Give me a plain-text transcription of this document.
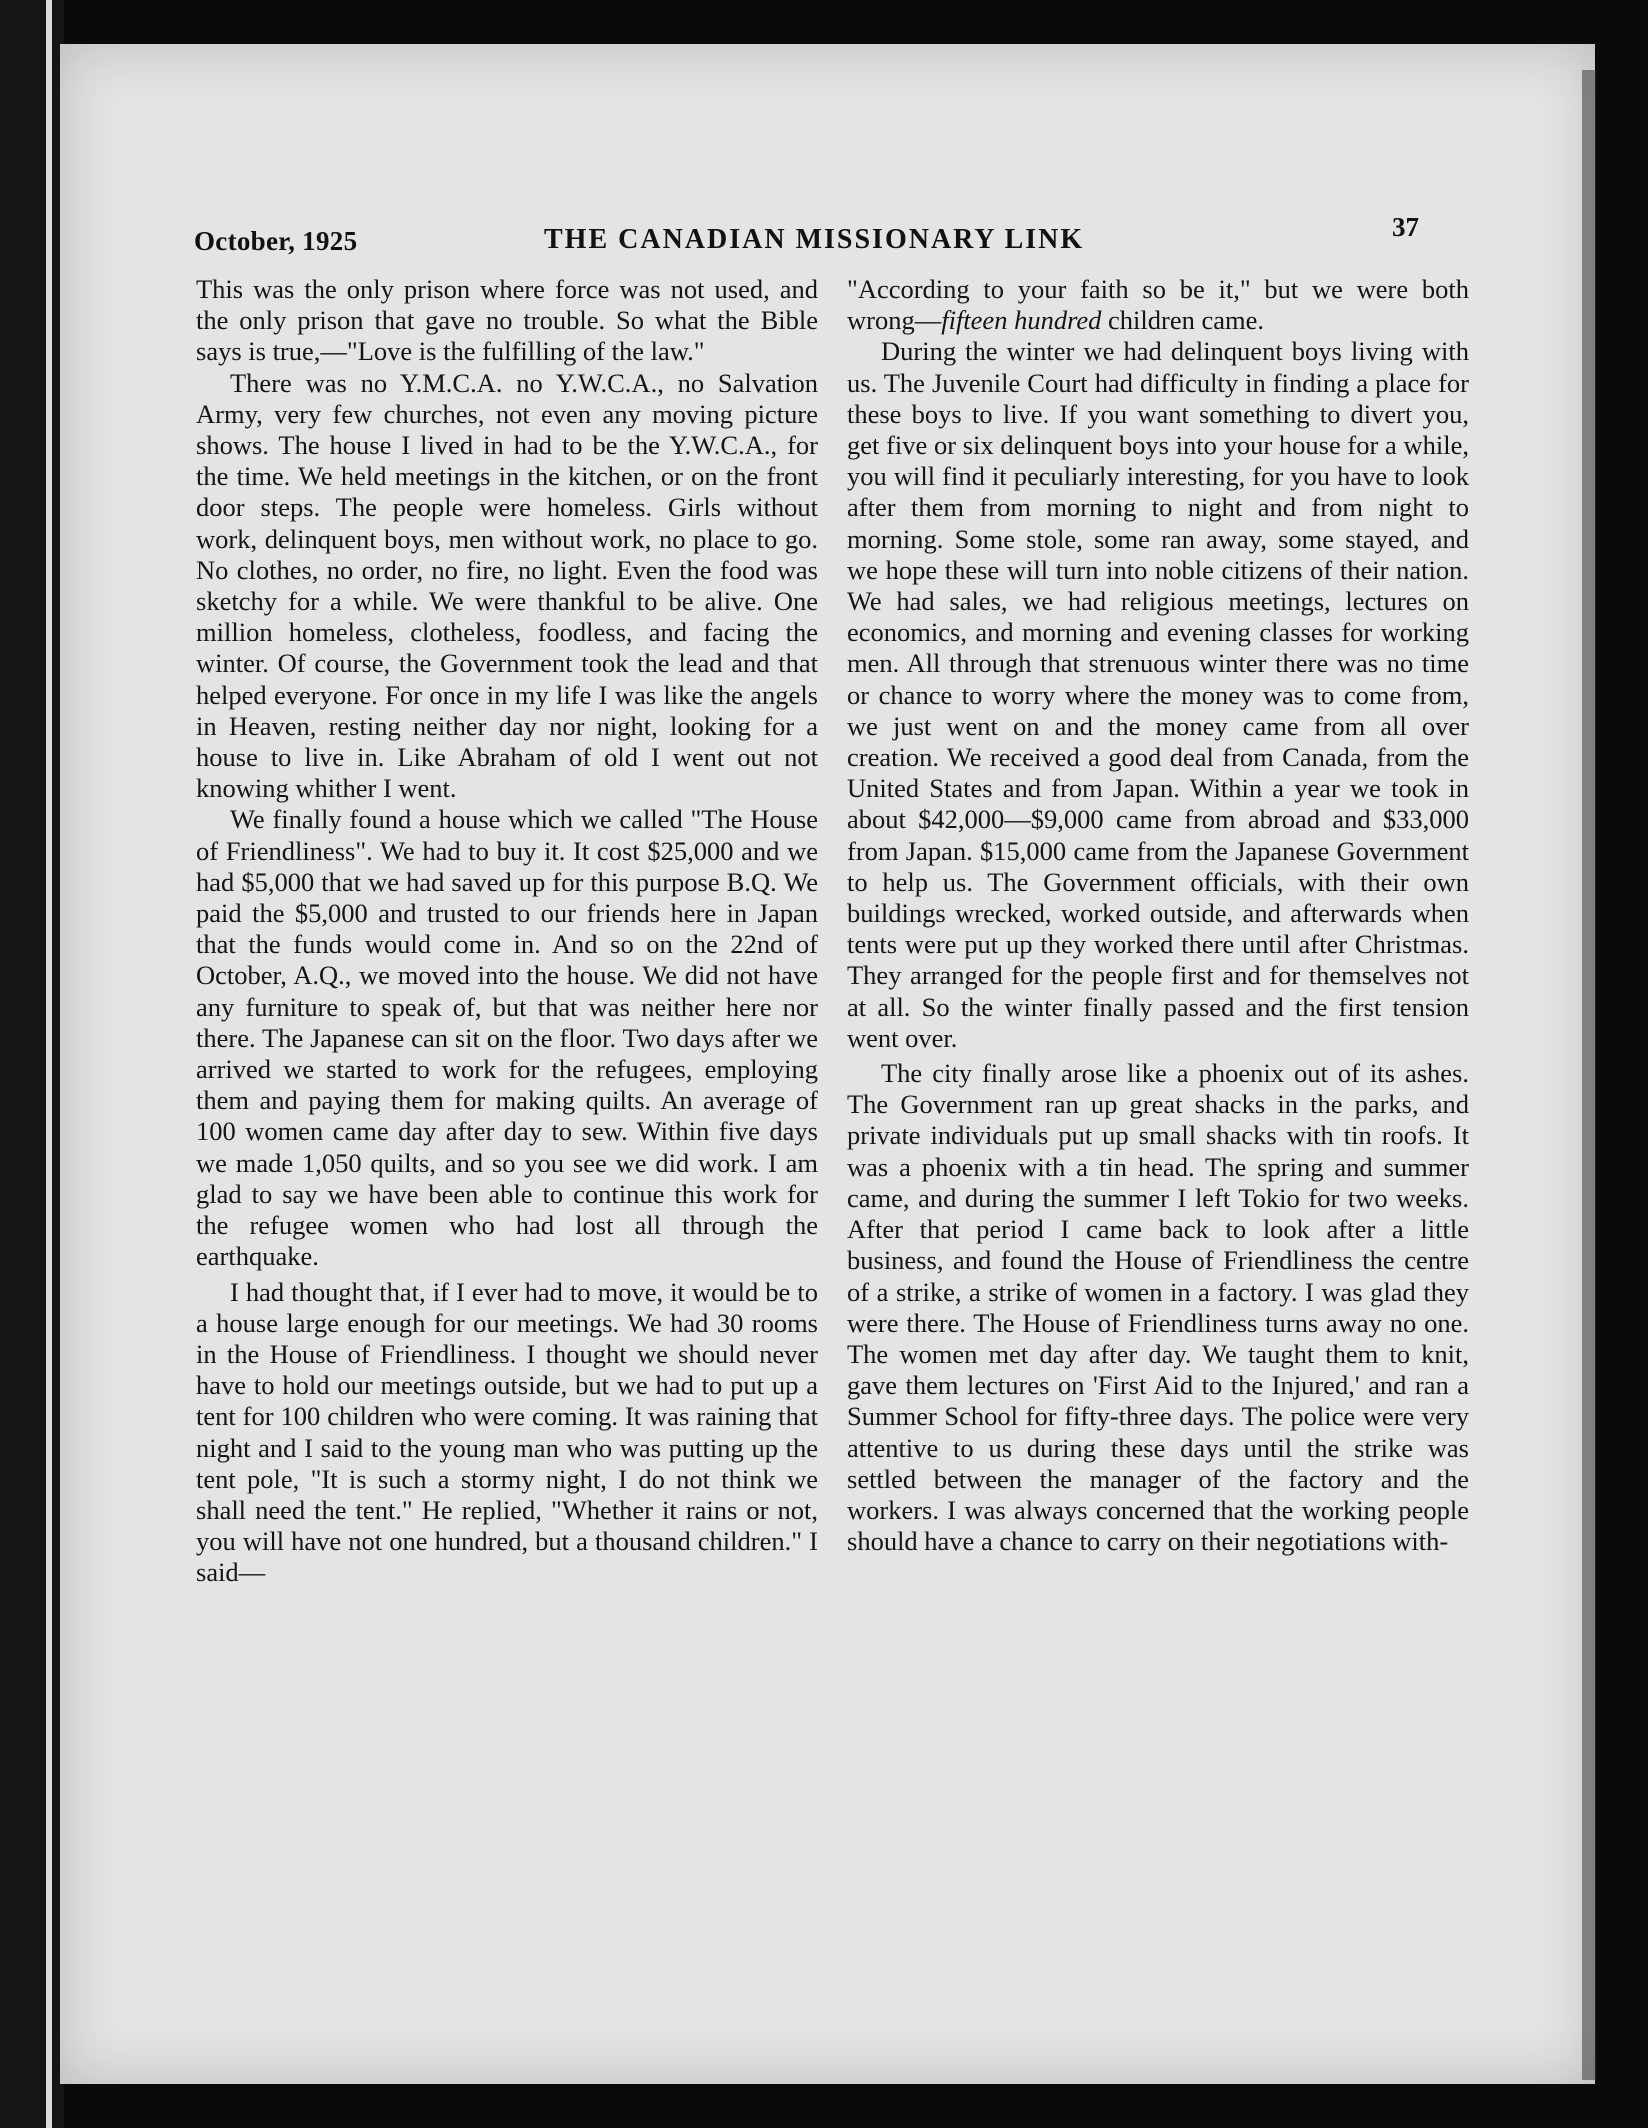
October, 1925	THE CANADIAN MISSIONARY LINK	37

This was the only prison where force was not used, and the only prison that gave no trouble. So what the Bible says is true,—"Love is the fulfilling of the law."

There was no Y.M.C.A. no Y.W.C.A., no Salvation Army, very few churches, not even any moving picture shows. The house I lived in had to be the Y.W.C.A., for the time. We held meetings in the kitchen, or on the front door steps. The people were homeless. Girls without work, delinquent boys, men without work, no place to go. No clothes, no order, no fire, no light. Even the food was sketchy for a while. We were thankful to be alive. One million homeless, clotheless, foodless, and facing the winter. Of course, the Government took the lead and that helped everyone. For once in my life I was like the angels in Heaven, resting neither day nor night, looking for a house to live in. Like Abraham of old I went out not knowing whither I went.

We finally found a house which we called "The House of Friendliness". We had to buy it. It cost $25,000 and we had $5,000 that we had saved up for this purpose B.Q. We paid the $5,000 and trusted to our friends here in Japan that the funds would come in. And so on the 22nd of October, A.Q., we moved into the house. We did not have any furniture to speak of, but that was neither here nor there. The Japanese can sit on the floor. Two days after we arrived we started to work for the refugees, employing them and paying them for making quilts. An average of 100 women came day after day to sew. Within five days we made 1,050 quilts, and so you see we did work. I am glad to say we have been able to continue this work for the refugee women who had lost all through the earthquake.

I had thought that, if I ever had to move, it would be to a house large enough for our meetings. We had 30 rooms in the House of Friendliness. I thought we should never have to hold our meetings outside, but we had to put up a tent for 100 children who were coming. It was raining that night and I said to the young man who was putting up the tent pole, "It is such a stormy night, I do not think we shall need the tent." He replied, "Whether it rains or not, you will have not one hundred, but a thousand children." I said—

"According to your faith so be it," but we were both wrong—fifteen hundred children came.

During the winter we had delinquent boys living with us. The Juvenile Court had difficulty in finding a place for these boys to live. If you want something to divert you, get five or six delinquent boys into your house for a while, you will find it peculiarly interesting, for you have to look after them from morning to night and from night to morning. Some stole, some ran away, some stayed, and we hope these will turn into noble citizens of their nation. We had sales, we had religious meetings, lectures on economics, and morning and evening classes for working men. All through that strenuous winter there was no time or chance to worry where the money was to come from, we just went on and the money came from all over creation. We received a good deal from Canada, from the United States and from Japan. Within a year we took in about $42,000—$9,000 came from abroad and $33,000 from Japan. $15,000 came from the Japanese Government to help us. The Government officials, with their own buildings wrecked, worked outside, and afterwards when tents were put up they worked there until after Christmas. They arranged for the people first and for themselves not at all. So the winter finally passed and the first tension went over.

The city finally arose like a phoenix out of its ashes. The Government ran up great shacks in the parks, and private individuals put up small shacks with tin roofs. It was a phoenix with a tin head. The spring and summer came, and during the summer I left Tokio for two weeks. After that period I came back to look after a little business, and found the House of Friendliness the centre of a strike, a strike of women in a factory. I was glad they were there. The House of Friendliness turns away no one. The women met day after day. We taught them to knit, gave them lectures on 'First Aid to the Injured,' and ran a Summer School for fifty-three days. The police were very attentive to us during these days until the strike was settled between the manager of the factory and the workers. I was always concerned that the working people should have a chance to carry on their negotiations with-
